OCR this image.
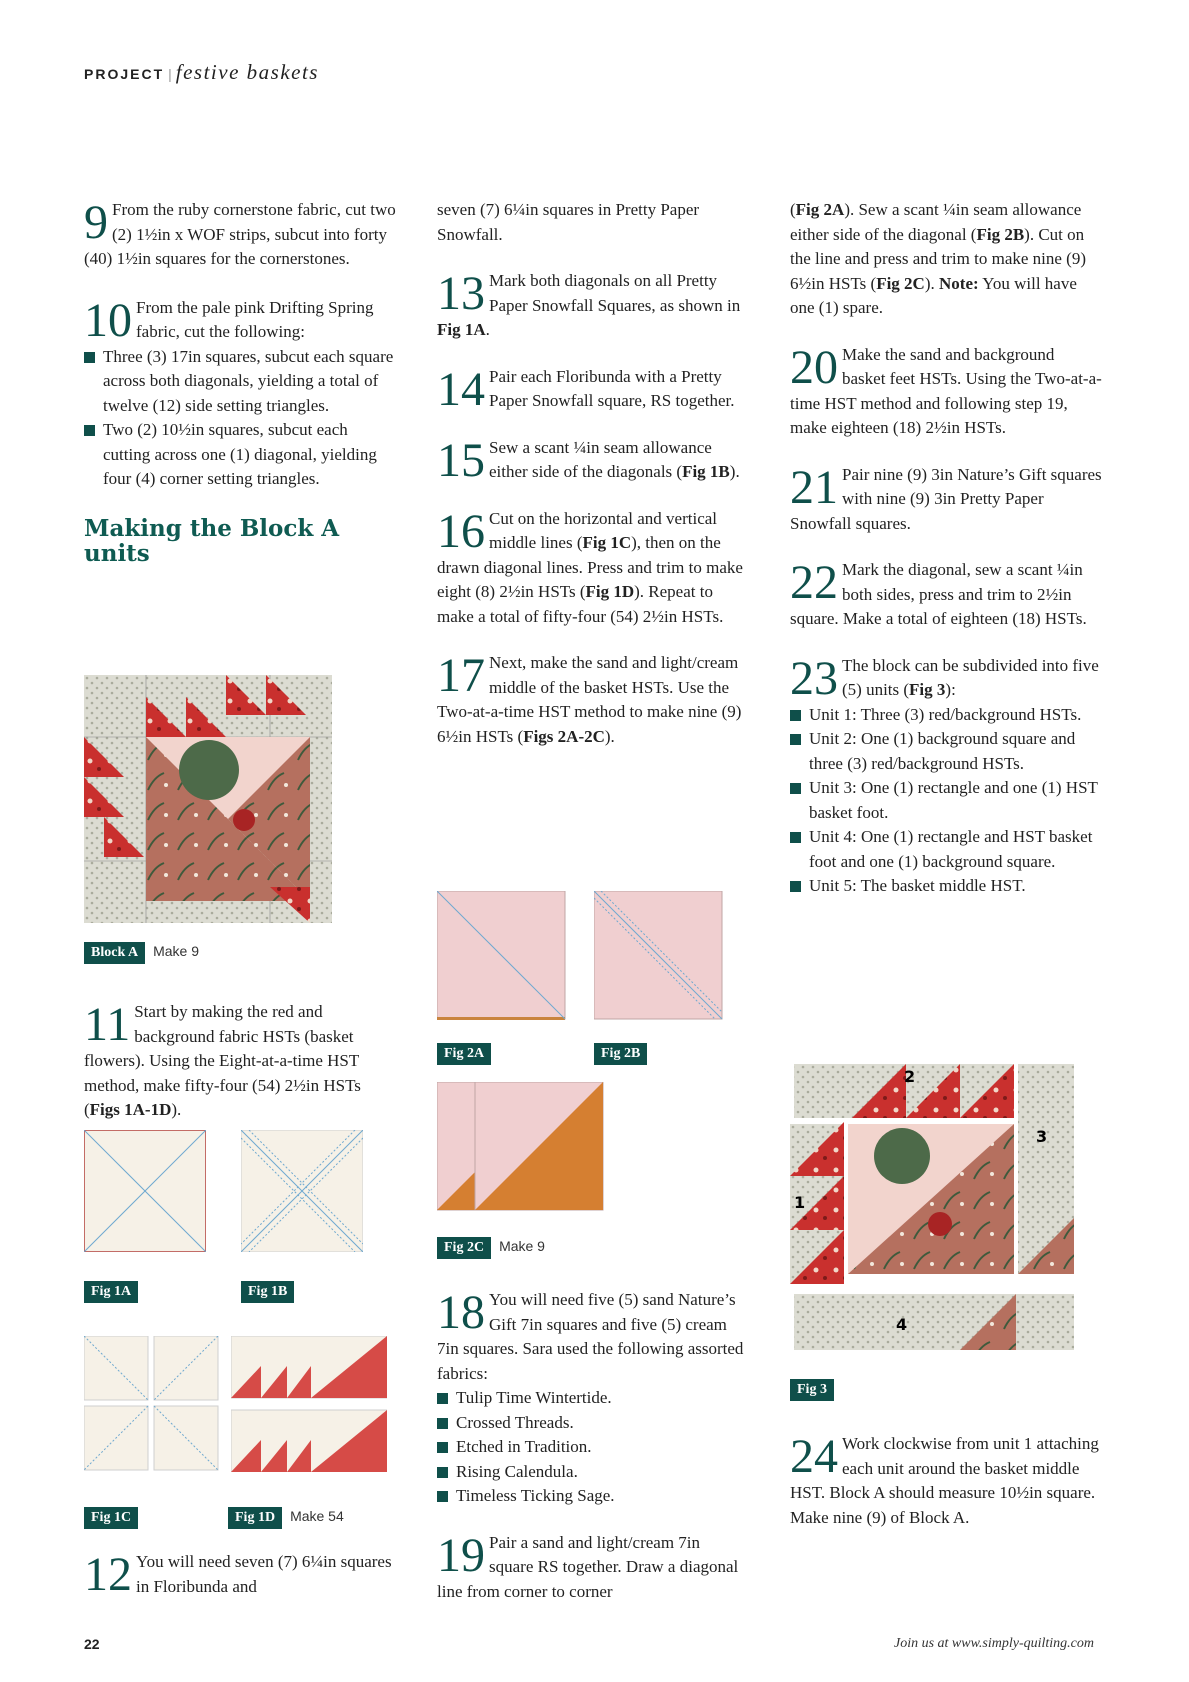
PROJECT | festive baskets

9 From the ruby cornerstone fabric, cut two (2) 1½in x WOF strips, subcut into forty (40) 1½in squares for the cornerstones.

10 From the pale pink Drifting Spring fabric, cut the following:

Three (3) 17in squares, subcut each square across both diagonals, yielding a total of twelve (12) side setting triangles.
Two (2) 10½in squares, subcut each cutting across one (1) diagonal, yielding four (4) corner setting triangles.
Making the Block A units
Block A Make 9

11 Start by making the red and background fabric HSTs (basket flowers). Using the Eight-at-a-time HST method, make fifty-four (54) 2½in HSTs (Figs 1A-1D).

Fig 1A	Fig 1B
Fig 1C	Fig 1D Make 54

12 You will need seven (7) 6¼in squares in Floribunda and

seven (7) 6¼in squares in Pretty Paper Snowfall.

13 Mark both diagonals on all Pretty Paper Snowfall Squares, as shown in Fig 1A.

14 Pair each Floribunda with a Pretty Paper Snowfall square, RS together.

15 Sew a scant ¼in seam allowance either side of the diagonals (Fig 1B).

16 Cut on the horizontal and vertical middle lines (Fig 1C), then on the drawn diagonal lines. Press and trim to make eight (8) 2½in HSTs (Fig 1D). Repeat to make a total of fifty-four (54) 2½in HSTs.

17 Next, make the sand and light/cream middle of the basket HSTs. Use the Two-at-a-time HST method to make nine (9) 6½in HSTs (Figs 2A-2C).

Fig 2A	Fig 2B
Fig 2C Make 9

18 You will need five (5) sand Nature’s Gift 7in squares and five (5) cream 7in squares. Sara used the following assorted fabrics:

Tulip Time Wintertide.
Crossed Threads.
Etched in Tradition.
Rising Calendula.
Timeless Ticking Sage.

19 Pair a sand and light/cream 7in square RS together. Draw a diagonal line from corner to corner

(Fig 2A). Sew a scant ¼in seam allowance either side of the diagonal (Fig 2B). Cut on the line and press and trim to make nine (9) 6½in HSTs (Fig 2C). Note: You will have one (1) spare.

20 Make the sand and background basket feet HSTs. Using the Two-at-a-time HST method and following step 19, make eighteen (18) 2½in HSTs.

21 Pair nine (9) 3in Nature’s Gift squares with nine (9) 3in Pretty Paper Snowfall squares.

22 Mark the diagonal, sew a scant ¼in both sides, press and trim to 2½in square. Make a total of eighteen (18) HSTs.

23 The block can be subdivided into five (5) units (Fig 3):

Unit 1: Three (3) red/background HSTs.
Unit 2: One (1) background square and three (3) red/background HSTs.
Unit 3: One (1) rectangle and one (1) HST basket foot.
Unit 4: One (1) rectangle and HST basket foot and one (1) background square.
Unit 5: The basket middle HST.
2
3
1
4
Fig 3

24 Work clockwise from unit 1 attaching each unit around the basket middle HST. Block A should measure 10½in square. Make nine (9) of Block A.

22	Join us at www.simply-quilting.com
